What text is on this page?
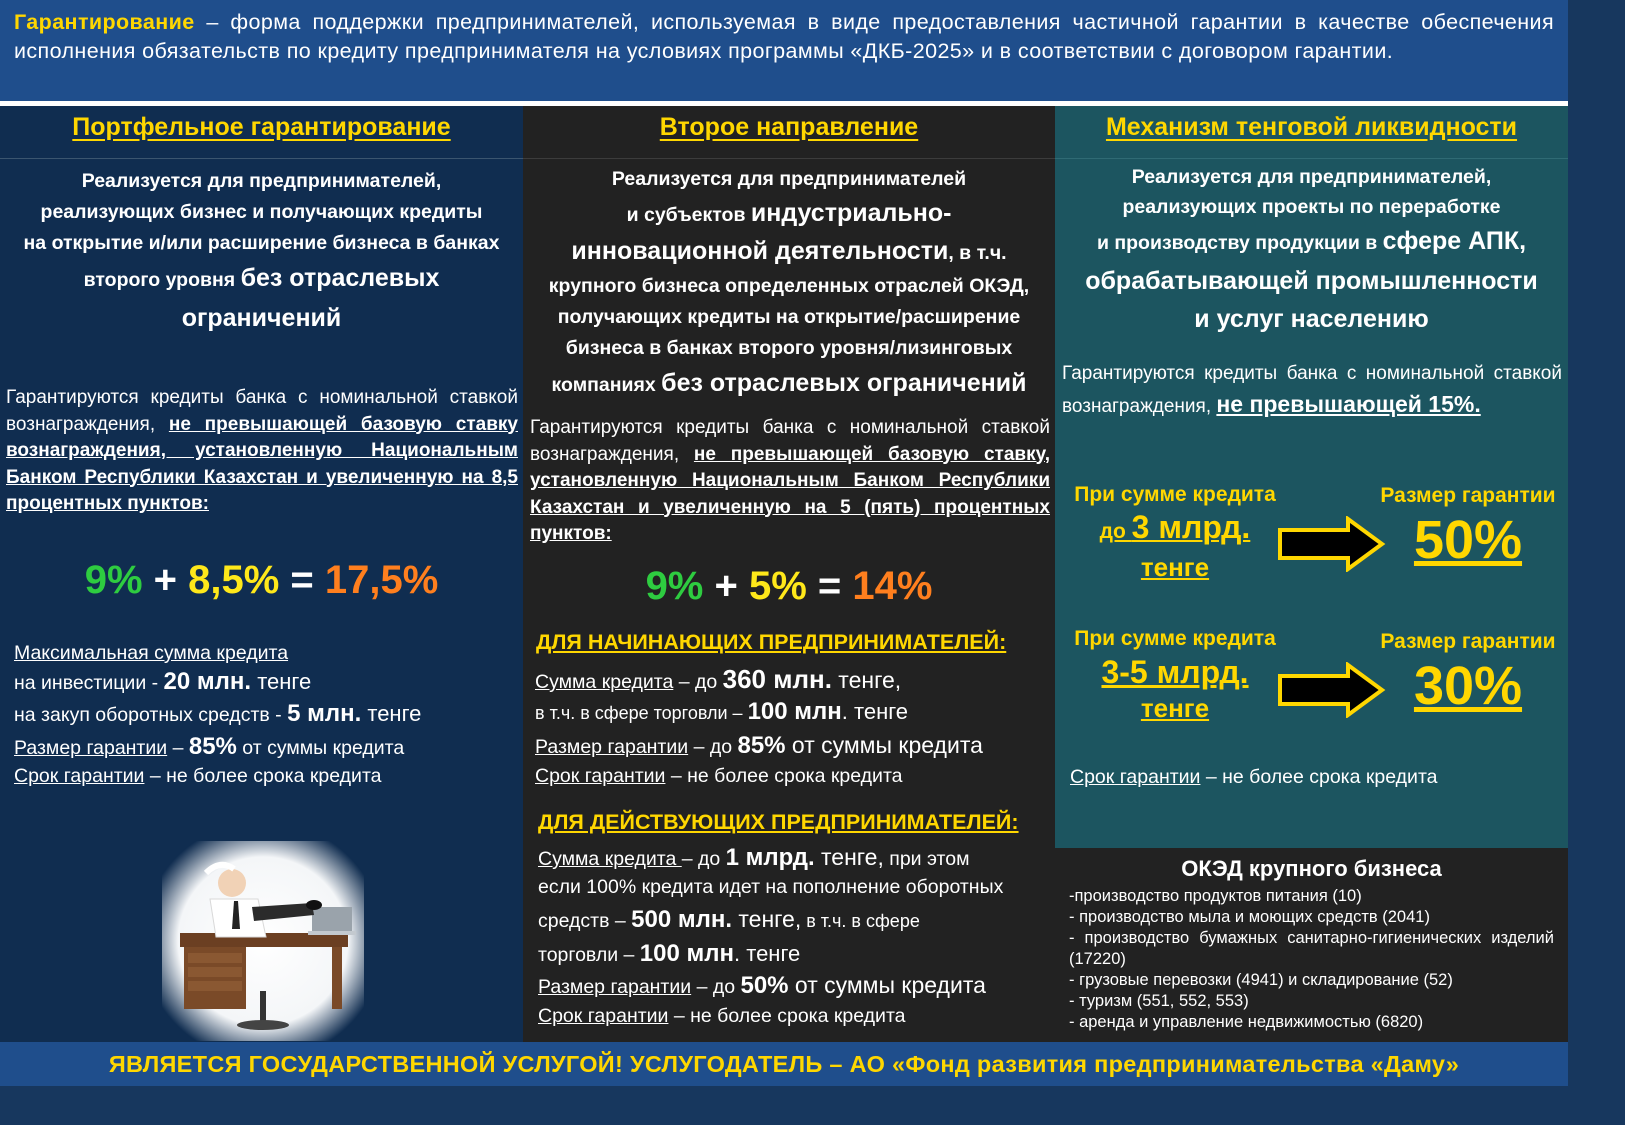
Гарантирование – форма поддержки предпринимателей, используемая в виде предоставления частичной гарантии в качестве обеспечения исполнения обязательств по кредиту предпринимателя на условиях программы «ДКБ-2025» и в соответствии с договором гарантии.
Портфельное гарантирование
Реализуется для предпринимателей,
реализующих бизнес и получающих кредиты
на открытие и/или расширение бизнеса в банках
второго уровня без отраслевых
ограничений
Гарантируются кредиты банка с номинальной ставкой вознаграждения, не превышающей базовую ставку вознаграждения, установленную Национальным Банком Республики Казахстан и увеличенную на 8,5 процентных пунктов:
9% + 8,5% = 17,5%
Максимальная сумма кредита
на инвестиции - 20 млн. тенге
на закуп оборотных средств - 5 млн. тенге
Размер гарантии – 85% от суммы кредита
Срок гарантии – не более срока кредита
Второе направление
Реализуется для предпринимателей
и субъектов индустриально-
инновационной деятельности, в т.ч.
крупного бизнеса определенных отраслей ОКЭД,
получающих кредиты на открытие/расширение
бизнеса в банках второго уровня/лизинговых
компаниях без отраслевых ограничений
Гарантируются кредиты банка с номинальной ставкой вознаграждения, не превышающей базовую ставку, установленную Национальным Банком Республики Казахстан и увеличенную на 5 (пять) процентных пунктов:
9% + 5% = 14%
ДЛЯ НАЧИНАЮЩИХ ПРЕДПРИНИМАТЕЛЕЙ:
Сумма кредита – до 360 млн. тенге,
в т.ч. в сфере торговли – 100 млн. тенге
Размер гарантии – до 85% от суммы кредита
Срок гарантии – не более срока кредита
ДЛЯ ДЕЙСТВУЮЩИХ ПРЕДПРИНИМАТЕЛЕЙ:
Сумма кредита – до 1 млрд. тенге, при этом
если 100% кредита идет на пополнение оборотных
средств – 500 млн. тенге, в т.ч. в сфере
торговли – 100 млн. тенге
Размер гарантии – до 50% от суммы кредита
Срок гарантии – не более срока кредита
Механизм тенговой ликвидности
Реализуется для предпринимателей,
реализующих проекты по переработке
и производству продукции в сфере АПК,
обрабатывающей промышленности
и услуг населению
Гарантируются кредиты банка с номинальной ставкой вознаграждения, не превышающей 15%.
При сумме кредита
до 3 млрд.
тенге
Размер гарантии
50%
При сумме кредита
3-5 млрд.
тенге
Размер гарантии
30%
Срок гарантии – не более срока кредита
ОКЭД крупного бизнеса
-производство продуктов питания (10)
- производство мыла и моющих средств (2041)
- производство бумажных санитарно-гигиенических изделий (17220)
- грузовые перевозки (4941) и складирование (52)
- туризм (551, 552, 553)
- аренда и управление недвижимостью (6820)
ЯВЛЯЕТСЯ ГОСУДАРСТВЕННОЙ УСЛУГОЙ! УСЛУГОДАТЕЛЬ – АО «Фонд развития предпринимательства «Даму»
